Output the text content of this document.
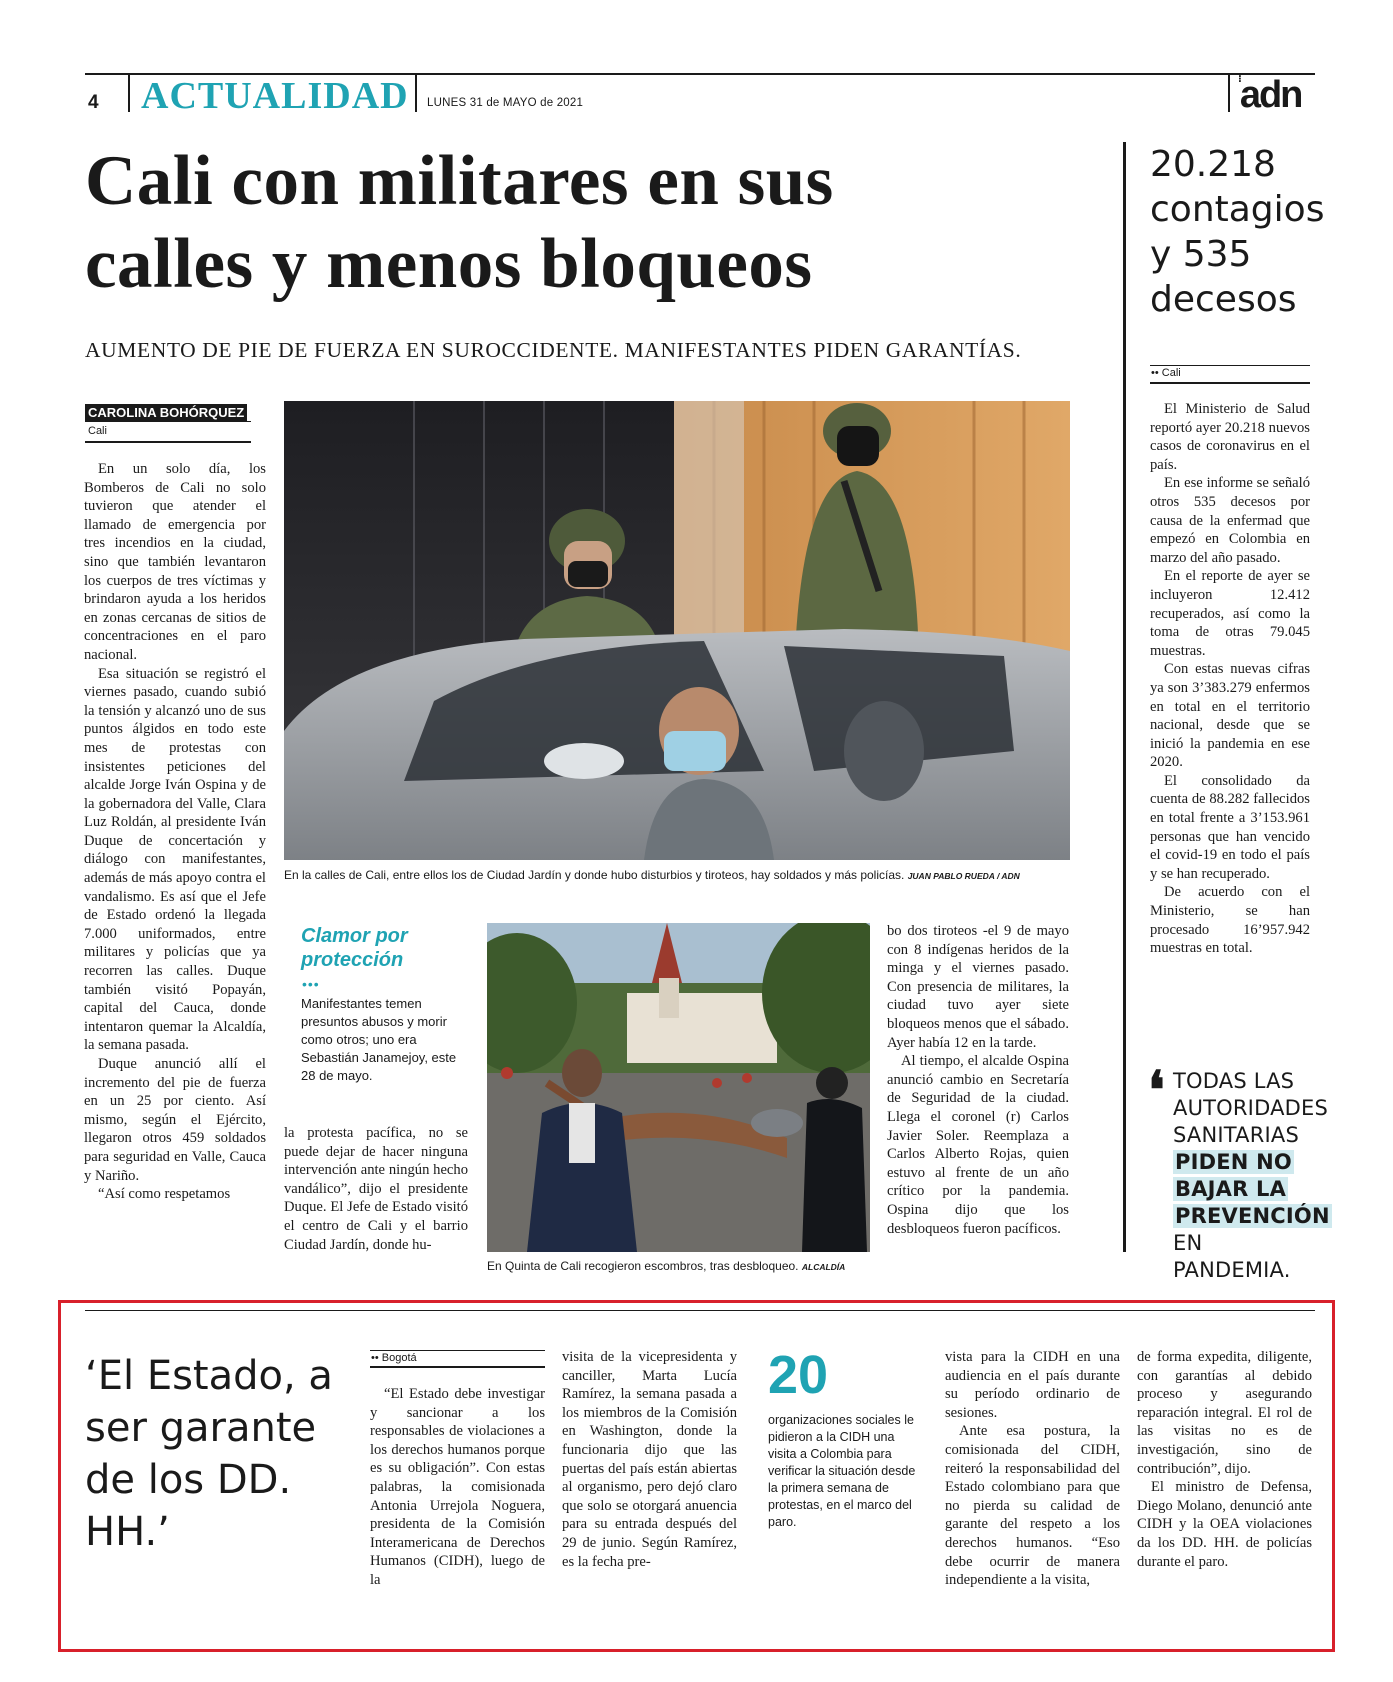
4 ACTUALIDAD LUNES 31 de MAYO de 2021
⁝adn
Cali con militares en sus
calles y menos bloqueos
AUMENTO DE PIE DE FUERZA EN SUROCCIDENTE. MANIFESTANTES PIDEN GARANTÍAS.
CAROLINA BOHÓRQUEZ
Cali

En un solo día, los Bomberos de Cali no solo tuvieron que atender el llamado de emergencia por tres incendios en la ciudad, sino que también levantaron los cuerpos de tres víctimas y brindaron ayuda a los heridos en zonas cercanas de sitios de concentraciones en el paro nacional.

Esa situación se registró el viernes pasado, cuando subió la tensión y alcanzó uno de sus puntos álgidos en todo este mes de protestas con insistentes peticiones del alcalde Jorge Iván Ospina y de la gobernadora del Valle, Clara Luz Roldán, al presidente Iván Duque de concertación y diálogo con manifestantes, además de más apoyo contra el vandalismo. Es así que el Jefe de Estado ordenó la llegada 7.000 uniformados, entre militares y policías que ya recorren las calles. Duque también visitó Popayán, capital del Cauca, donde intentaron quemar la Alcaldía, la semana pasada.

Duque anunció allí el incremento del pie de fuerza en un 25 por ciento. Así mismo, según el Ejército, llegaron otros 459 soldados para seguridad en Valle, Cauca y Nariño.

“Así como respetamos

En la calles de Cali, entre ellos los de Ciudad Jardín y donde hubo disturbios y tiroteos, hay soldados y más policías. JUAN PABLO RUEDA / ADN
Clamor por
protección
•••
Manifestantes temen presuntos abusos y morir como otros; uno era Sebastián Janamejoy, este 28 de mayo.

la protesta pacífica, no se puede dejar de hacer ninguna intervención ante ningún hecho vandálico”, dijo el presidente Duque. El Jefe de Estado visitó el centro de Cali y el barrio Ciudad Jardín, donde hu-

En Quinta de Cali recogieron escombros, tras desbloqueo. ALCALDÍA

bo dos tiroteos -el 9 de mayo con 8 indígenas heridos de la minga y el viernes pasado. Con presencia de militares, la ciudad tuvo ayer siete bloqueos menos que el sábado. Ayer había 12 en la tarde.

Al tiempo, el alcalde Ospina anunció cambio en Secretaría de Seguridad de la ciudad. Llega el coronel (r) Carlos Javier Soler. Reemplaza a Carlos Alberto Rojas, quien estuvo al frente de un año crítico por la pandemia. Ospina dijo que los desbloqueos fueron pacíficos.

20.218 contagios y 535 decesos
•• Cali

El Ministerio de Salud reportó ayer 20.218 nuevos casos de coronavirus en el país.

En ese informe se señaló otros 535 decesos por causa de la enfermad que empezó en Colombia en marzo del año pasado.

En el reporte de ayer se incluyeron 12.412 recuperados, así como la toma de otras 79.045 muestras.

Con estas nuevas cifras ya son 3’383.279 enfermos en total en el territorio nacional, desde que se inició la pandemia en ese 2020.

El consolidado da cuenta de 88.282 fallecidos en total frente a 3’153.961 personas que han vencido el covid-19 en todo el país y se han recuperado.

De acuerdo con el Ministerio, se han procesado 16’957.942 muestras en total.

❛ TODAS LAS AUTORIDADES SANITARIAS
PIDEN NO
BAJAR LA
PREVENCIÓN
EN PANDEMIA.
‘El Estado, a ser garante de los DD. HH.’
•• Bogotá

“El Estado debe investigar y sancionar a los responsables de violaciones a los derechos humanos porque es su obligación”. Con estas palabras, la comisionada Antonia Urrejola Noguera, presidenta de la Comisión Interamericana de Derechos Humanos (CIDH), luego de la

visita de la vicepresidenta y canciller, Marta Lucía Ramírez, la semana pasada a los miembros de la Comisión en Washington, donde la funcionaria dijo que las puertas del país están abiertas al organismo, pero dejó claro que solo se otorgará anuencia para su entrada después del 29 de junio. Según Ramírez, es la fecha pre-

20
organizaciones sociales le pidieron a la CIDH una visita a Colombia para verificar la situación desde la primera semana de protestas, en el marco del paro.

vista para la CIDH en una audiencia en el país durante su período ordinario de sesiones.

Ante esa postura, la comisionada del CIDH, reiteró la responsabilidad del Estado colombiano para que no pierda su calidad de garante del respeto a los derechos humanos. “Eso debe ocurrir de manera independiente a la visita,

de forma expedita, diligente, con garantías al debido proceso y asegurando reparación integral. El rol de las visitas no es de investigación, sino de contribución”, dijo.

El ministro de Defensa, Diego Molano, denunció ante CIDH y la OEA violaciones da los DD. HH. de policías durante el paro.
